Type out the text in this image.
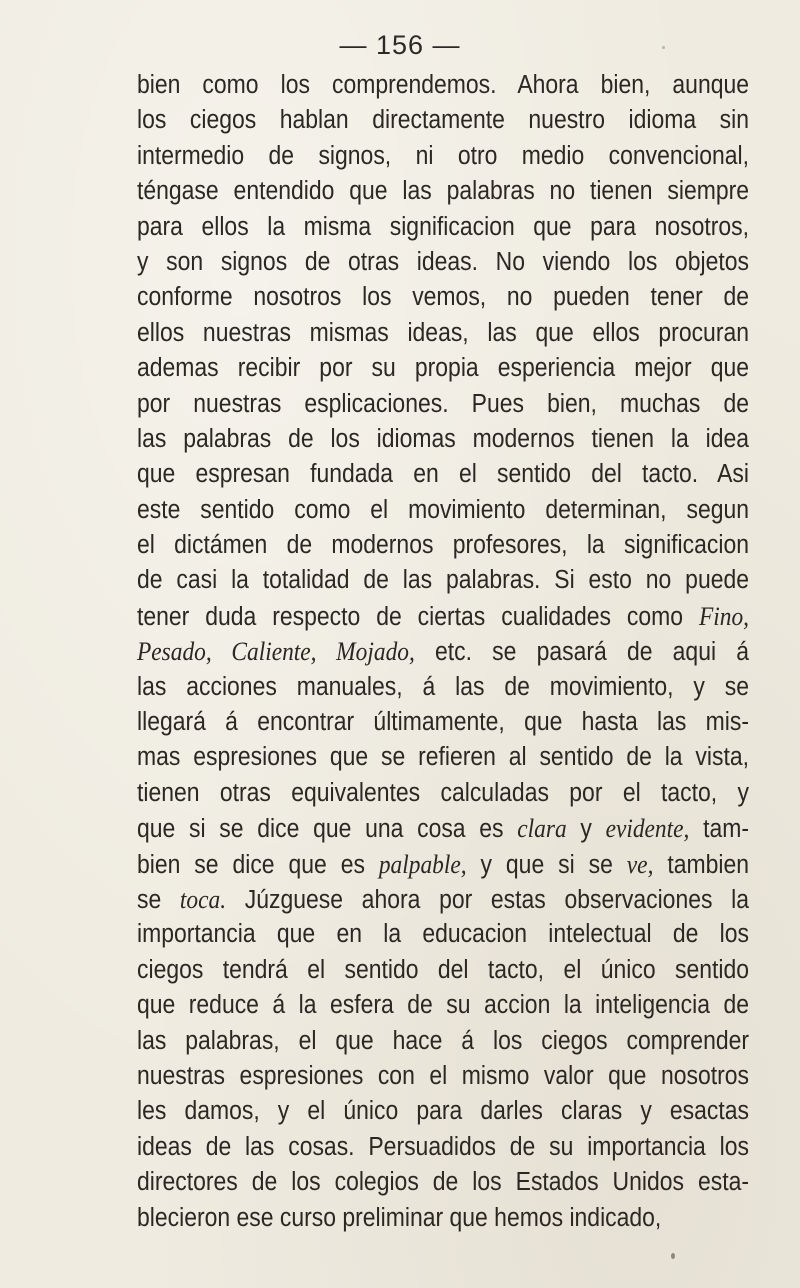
— 156 —
bien como los comprendemos. Ahora bien, aunque
los ciegos hablan directamente nuestro idioma sin
intermedio de signos, ni otro medio convencional,
téngase entendido que las palabras no tienen siempre
para ellos la misma significacion que para nosotros,
y son signos de otras ideas. No viendo los objetos
conforme nosotros los vemos, no pueden tener de
ellos nuestras mismas ideas, las que ellos procuran
ademas recibir por su propia esperiencia mejor que
por nuestras esplicaciones. Pues bien, muchas de
las palabras de los idiomas modernos tienen la idea
que espresan fundada en el sentido del tacto. Asi
este sentido como el movimiento determinan, segun
el dictámen de modernos profesores, la significacion
de casi la totalidad de las palabras. Si esto no puede
tener duda respecto de ciertas cualidades como Fino,
Pesado, Caliente, Mojado, etc. se pasará de aqui á
las acciones manuales, á las de movimiento, y se
llegará á encontrar últimamente, que hasta las mis-
mas espresiones que se refieren al sentido de la vista,
tienen otras equivalentes calculadas por el tacto, y
que si se dice que una cosa es clara y evidente, tam-
bien se dice que es palpable, y que si se ve, tambien
se toca. Júzguese ahora por estas observaciones la
importancia que en la educacion intelectual de los
ciegos tendrá el sentido del tacto, el único sentido
que reduce á la esfera de su accion la inteligencia de
las palabras, el que hace á los ciegos comprender
nuestras espresiones con el mismo valor que nosotros
les damos, y el único para darles claras y esactas
ideas de las cosas. Persuadidos de su importancia los
directores de los colegios de los Estados Unidos esta-
blecieron ese curso preliminar que hemos indicado,
